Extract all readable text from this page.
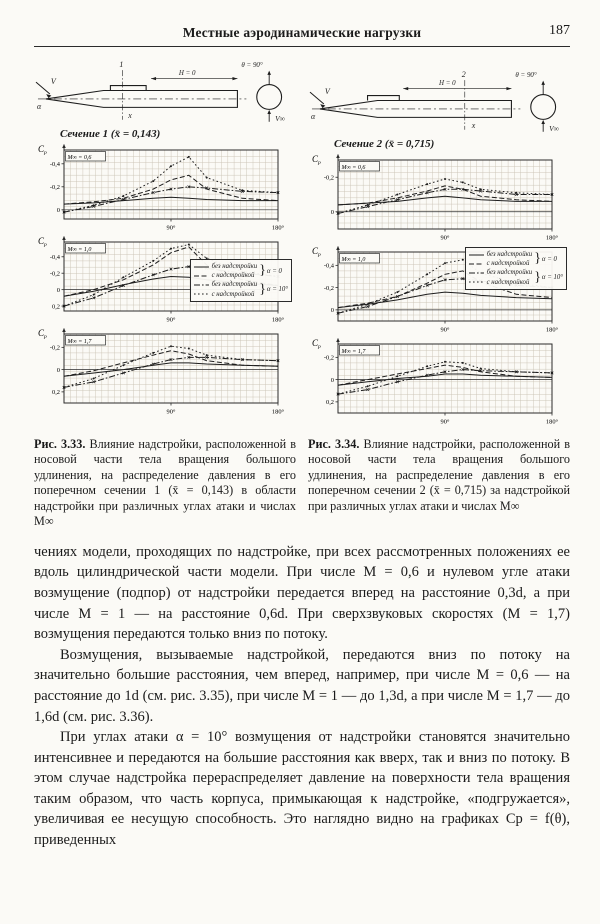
Местные аэродинамические нагрузки	187
α
V
1
H = 0
θ = 90°
V∞
x
Сечение 1 (x̄ = 0,143)
-0,4
-0,2
0
90°	180°
$C_p$
M∞ = 0,6
-0,4
-0,2
0
0,2
90°	180°
$C_p$
M∞ = 1,0
без надстройки
с надстройкой
без надстройки
с надстройкой
} α = 0
} α = 10°
-0,2
0
0,2
90°	180°
$C_p$
M∞ = 1,7
α
V
2
H = 0
θ = 90°
V∞
x
Сечение 2 (x̄ = 0,715)
-0,2
0
90°	180°
$C_p$
M∞ = 0,6
-0,4
-0,2
0
90°	180°
$C_p$
M∞ = 1,0
без надстройки
с надстройкой
без надстройки
с надстройкой
} α = 0
} α = 10°
-0,2
0
0,2
90°	180°
$C_p$
M∞ = 1,7
Рис. 3.33. Влияние надстройки, расположенной в носовой части тела вращения большого удлинения, на распределение давления в его поперечном сечении 1 (x̄ = 0,143) в области надстройки при различных углах атаки и числах M∞
Рис. 3.34. Влияние надстройки, расположенной в носовой части тела вращения большого удлинения, на распределение давления в его поперечном сечении 2 (x̄ = 0,715) за надстройкой при различных углах атаки и числах M∞

чениях модели, проходящих по надстройке, при всех рассмотренных положениях ее вдоль цилиндрической части модели. При числе M = 0,6 и нулевом угле атаки возмущение (подпор) от надстройки передается вперед на расстояние 0,3d, а при числе M = 1 — на расстояние 0,6d. При сверхзвуковых скоростях (M = 1,7) возмущения передаются только вниз по потоку.

Возмущения, вызываемые надстройкой, передаются вниз по потоку на значительно большие расстояния, чем вперед, например, при числе M = 0,6 — на расстояние до 1d (см. рис. 3.35), при числе M = 1 — до 1,3d, а при числе M = 1,7 — до 1,6d (см. рис. 3.36).

При углах атаки α = 10° возмущения от надстройки становятся значительно интенсивнее и передаются на большие расстояния как вверх, так и вниз по потоку. В этом случае надстройка перераспределяет давление на поверхности тела вращения таким образом, что часть корпуса, примыкающая к надстройке, «подгружается», увеличивая ее несущую способность. Это наглядно видно на графиках Cp = f(θ), приведенных
